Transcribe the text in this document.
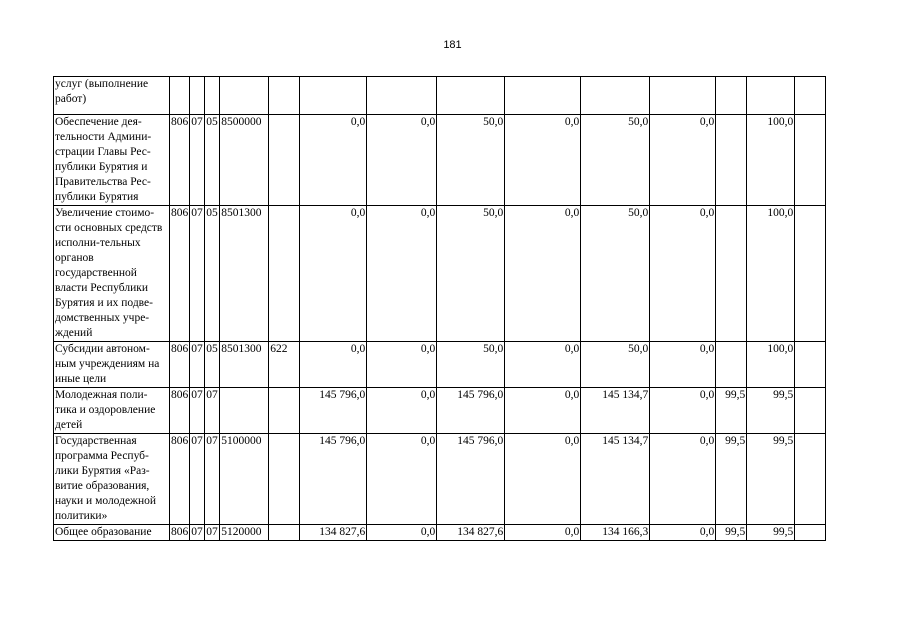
181
услуг (выполнение работ)														
Обеспечение дея-тельности Админи-страции Главы Рес-публики Бурятия и Правительства Рес-публики Бурятия	806	07	05	8500000		0,0	0,0	50,0	0,0	50,0	0,0		100,0	
Увеличение стоимо-сти основных средств исполни-тельных органов государственной власти Республики Бурятия и их подве-домственных учре-ждений	806	07	05	8501300		0,0	0,0	50,0	0,0	50,0	0,0		100,0	
Субсидии автоном-ным учреждениям на иные цели	806	07	05	8501300	622	0,0	0,0	50,0	0,0	50,0	0,0		100,0	
Молодежная поли-тика и оздоровление детей	806	07	07			145 796,0	0,0	145 796,0	0,0	145 134,7	0,0	99,5	99,5	
Государственная программа Респуб-лики Бурятия «Раз-витие образования, науки и молодежной политики»	806	07	07	5100000		145 796,0	0,0	145 796,0	0,0	145 134,7	0,0	99,5	99,5	
Общее образование	806	07	07	5120000		134 827,6	0,0	134 827,6	0,0	134 166,3	0,0	99,5	99,5	
